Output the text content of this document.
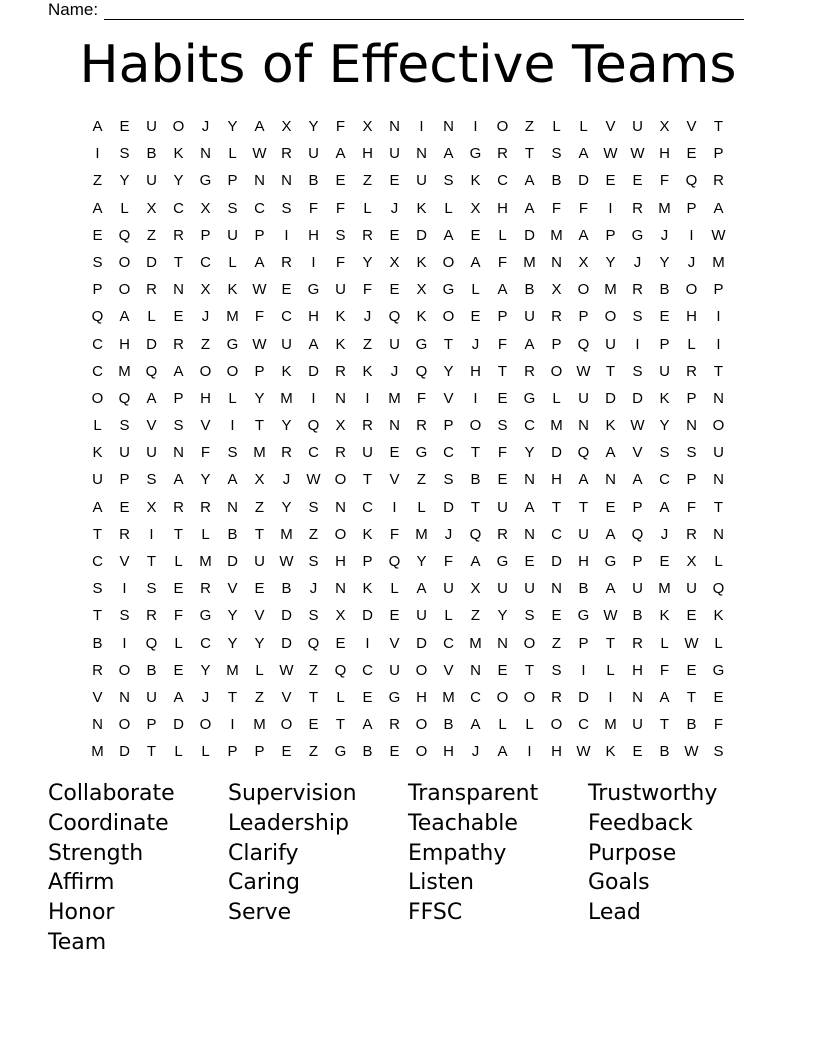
Name:
Habits of Effective Teams
A	E	U	O	J	Y	A	X	Y	F	X	N	I	N	I	O	Z	L	L	V	U	X	V	T
I	S	B	K	N	L	W R	U	A	H	U	N	A	G	R	T	S	A W W H	E	P
Z	Y	U	Y	G	P	N	N	B	E	Z	E	U	S	K	C	A	B	D	E	E	F	Q	R
A	L	X	C	X	S	C	S	F	F	L	J	K	L	X	H	A	F	F	I	R	M	P	A
E	Q	Z	R	P	U	P	I	H	S	R	E	D	A	E	L	D	M	A	P	G	J	I	W
S	O	D	T	C	L	A	R	I	F	Y	X	K	O	A	F	M	N	X	Y	J	Y	J	M
P	O	R	N	X	K W E	G	U	F	E	X	G	L	A	B	X	O M	R	B	O	P
Q	A	L	E	J	M	F	C	H	K	J	Q	K	O	E	P	U	R	P	O	S	E	H	I
C	H	D	R	Z	G W U	A	K	Z	U	G	T	J	F	A	P	Q	U	I	P	L	I
C	M Q	A	O	O	P	K	D	R	K	J	Q	Y	H	T	R	O W	T	S	U	R	T
O	Q	A	P	H	L	Y	M	I	N	I	M	F	V	I	E	G	L	U	D	D	K	P	N
L	S	V	S	V	I	T	Y	Q	X	R	N	R	P	O	S	C	M	N	K W Y	N	O
K	U	U	N	F	S	M	R	C	R	U	E	G	C	T	F	Y	D	Q	A	V	S	S	U
U	P	S	A	Y	A	X	J	W O	T	V	Z	S	B	E	N	H	A	N	A	C	P	N
A	E	X	R	R	N	Z	Y	S	N	C	I	L	D	T	U	A	T	T	E	P	A	F	T
T	R	I	T	L	B	T	M	Z	O	K	F	M	J	Q	R	N	C	U	A	Q	J	R	N
C	V	T	L	M	D	U W S	H	P	Q	Y	F	A	G	E	D	H	G	P	E	X	L
S	I	S	E	R	V	E	B	J	N	K	L	A	U	X	U	U	N	B	A	U	M	U	Q
T	S	R	F	G	Y	V	D	S	X	D	E	U	L	Z	Y	S	E	G W B	K	E	K
B	I	Q	L	C	Y	Y	D	Q	E	I	V	D	C	M	N	O	Z	P	T	R	L	W	L
R	O	B	E	Y	M	L	W	Z	Q	C	U	O	V	N	E	T	S	I	L	H	F	E	G
V	N	U	A	J	T	Z	V	T	L	E	G	H	M	C	O	O	R	D	I	N	A	T	E
N	O	P	D	O	I	M O	E	T	A	R	O	B	A	L	L	O	C	M	U	T	B	F
M	D	T	L	L	P	P	E	Z	G	B	E	O	H	J	A	I	H W K	E	B W S
Collaborate	Supervision	Transparent	Trustworthy
Coordinate	Leadership	Teachable	Feedback
Strength	Clarify	Empathy	Purpose
Affirm	Caring	Listen	Goals
Honor	Serve	FFSC	Lead
Team
